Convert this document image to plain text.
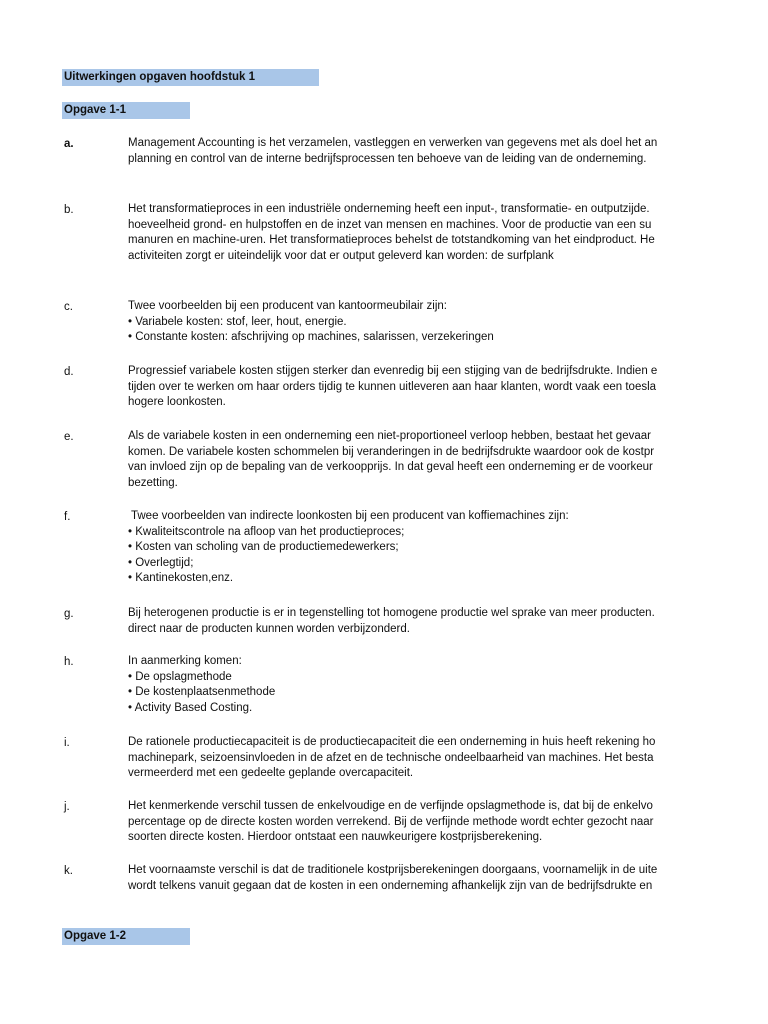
Uitwerkingen opgaven hoofdstuk 1
Opgave 1-1
a.	Management Accounting is het verzamelen, vastleggen en verwerken van gegevens met als doel het an
planning en control van de interne bedrijfsprocessen ten behoeve van de leiding van de onderneming.
b.	Het transformatieproces in een industriële onderneming heeft een input-, transformatie- en outputzijde.
hoeveelheid grond- en hulpstoffen en de inzet van mensen en machines. Voor de productie van een su
manuren en machine-uren. Het transformatieproces behelst de totstandkoming van het eindproduct. He
activiteiten zorgt er uiteindelijk voor dat er output geleverd kan worden: de surfplank
c.	Twee voorbeelden bij een producent van kantoormeubilair zijn:
• Variabele kosten: stof, leer, hout, energie.
• Constante kosten: afschrijving op machines, salarissen, verzekeringen
d.	Progressief variabele kosten stijgen sterker dan evenredig bij een stijging van de bedrijfsdrukte. Indien e
tijden over te werken om haar orders tijdig te kunnen uitleveren aan haar klanten, wordt vaak een toesla
hogere loonkosten.
e.	Als de variabele kosten in een onderneming een niet-proportioneel verloop hebben, bestaat het gevaar
komen. De variabele kosten schommelen bij veranderingen in de bedrijfsdrukte waardoor ook de kostpr
van invloed zijn op de bepaling van de verkoopprijs. In dat geval heeft een onderneming er de voorkeur
bezetting.
f.	Twee voorbeelden van indirecte loonkosten bij een producent van koffiemachines zijn:
• Kwaliteitscontrole na afloop van het productieproces;
• Kosten van scholing van de productiemedewerkers;
• Overlegtijd;
• Kantinekosten,enz.
g.	Bij heterogenen productie is er in tegenstelling tot homogene productie wel sprake van meer producten.
direct naar de producten kunnen worden verbijzonderd.
h.	In aanmerking komen:
• De opslagmethode
• De kostenplaatsenmethode
• Activity Based Costing.
i.	De rationele productiecapaciteit is de productiecapaciteit die een onderneming in huis heeft rekening ho
machinepark, seizoensinvloeden in de afzet en de technische ondeelbaarheid van machines. Het besta
vermeerderd met een gedeelte geplande overcapaciteit.
j.	Het kenmerkende verschil tussen de enkelvoudige en de verfijnde opslagmethode is, dat bij de enkelvo
percentage op de directe kosten worden verrekend. Bij de verfijnde methode wordt echter gezocht naar
soorten directe kosten. Hierdoor ontstaat een nauwkeurigere kostprijsberekening.
k.	Het voornaamste verschil is dat de traditionele kostprijsberekeningen doorgaans, voornamelijk in de uite
wordt telkens vanuit gegaan dat de kosten in een onderneming afhankelijk zijn van de bedrijfsdrukte en
Opgave 1-2
